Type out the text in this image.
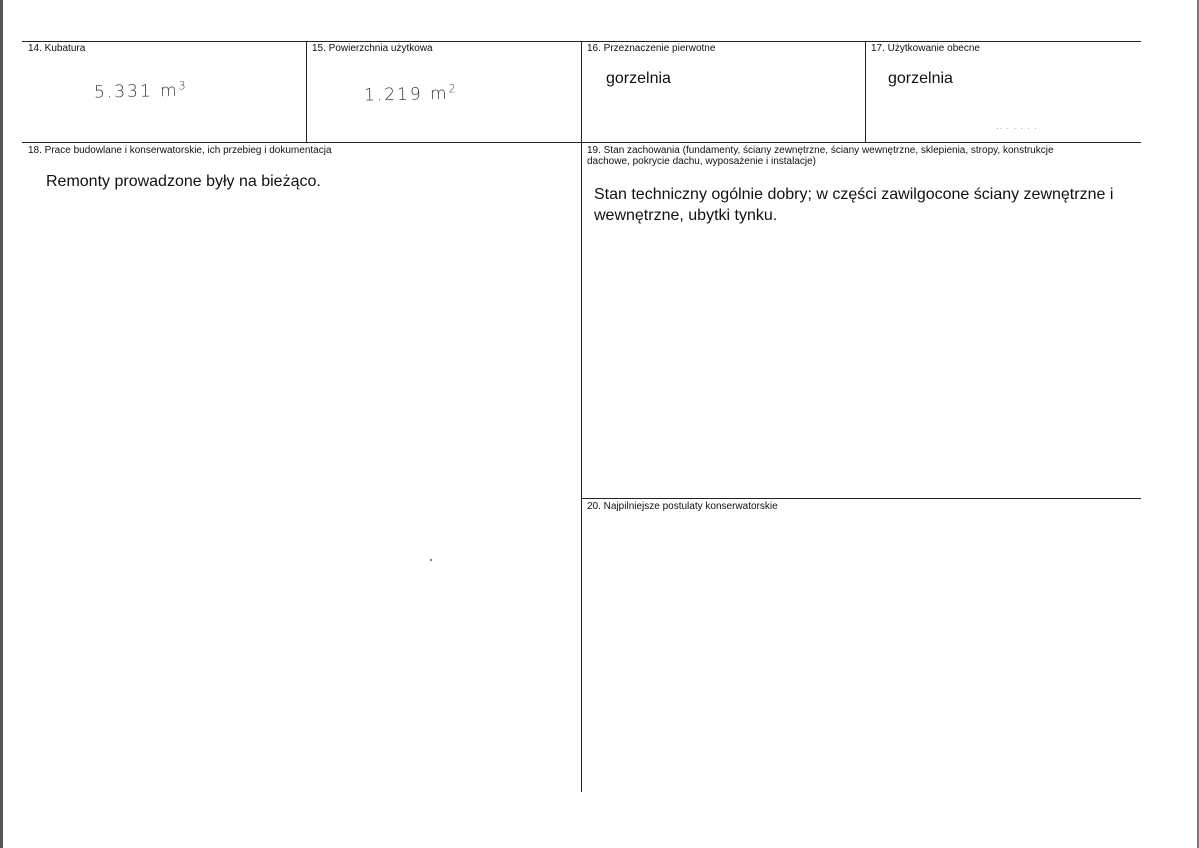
14. Kubatura
5.331 $m^3$
15. Powierzchnia użytkowa
1.219 $m^2$
16. Przeznaczenie pierwotne
gorzelnia
17. Użytkowanie obecne
gorzelnia
·· · · · · ·
18. Prace budowlane i konserwatorskie, ich przebieg i dokumentacja
Remonty prowadzone były na bieżąco.
19. Stan zachowania (fundamenty, ściany zewnętrzne, ściany wewnętrzne, sklepienia, stropy, konstrukcje dachowe, pokrycie dachu, wyposażenie i instalacje)
Stan techniczny ogólnie dobry; w części zawilgocone ściany zewnętrzne i wewnętrzne, ubytki tynku.
20. Najpilniejsze postulaty konserwatorskie
